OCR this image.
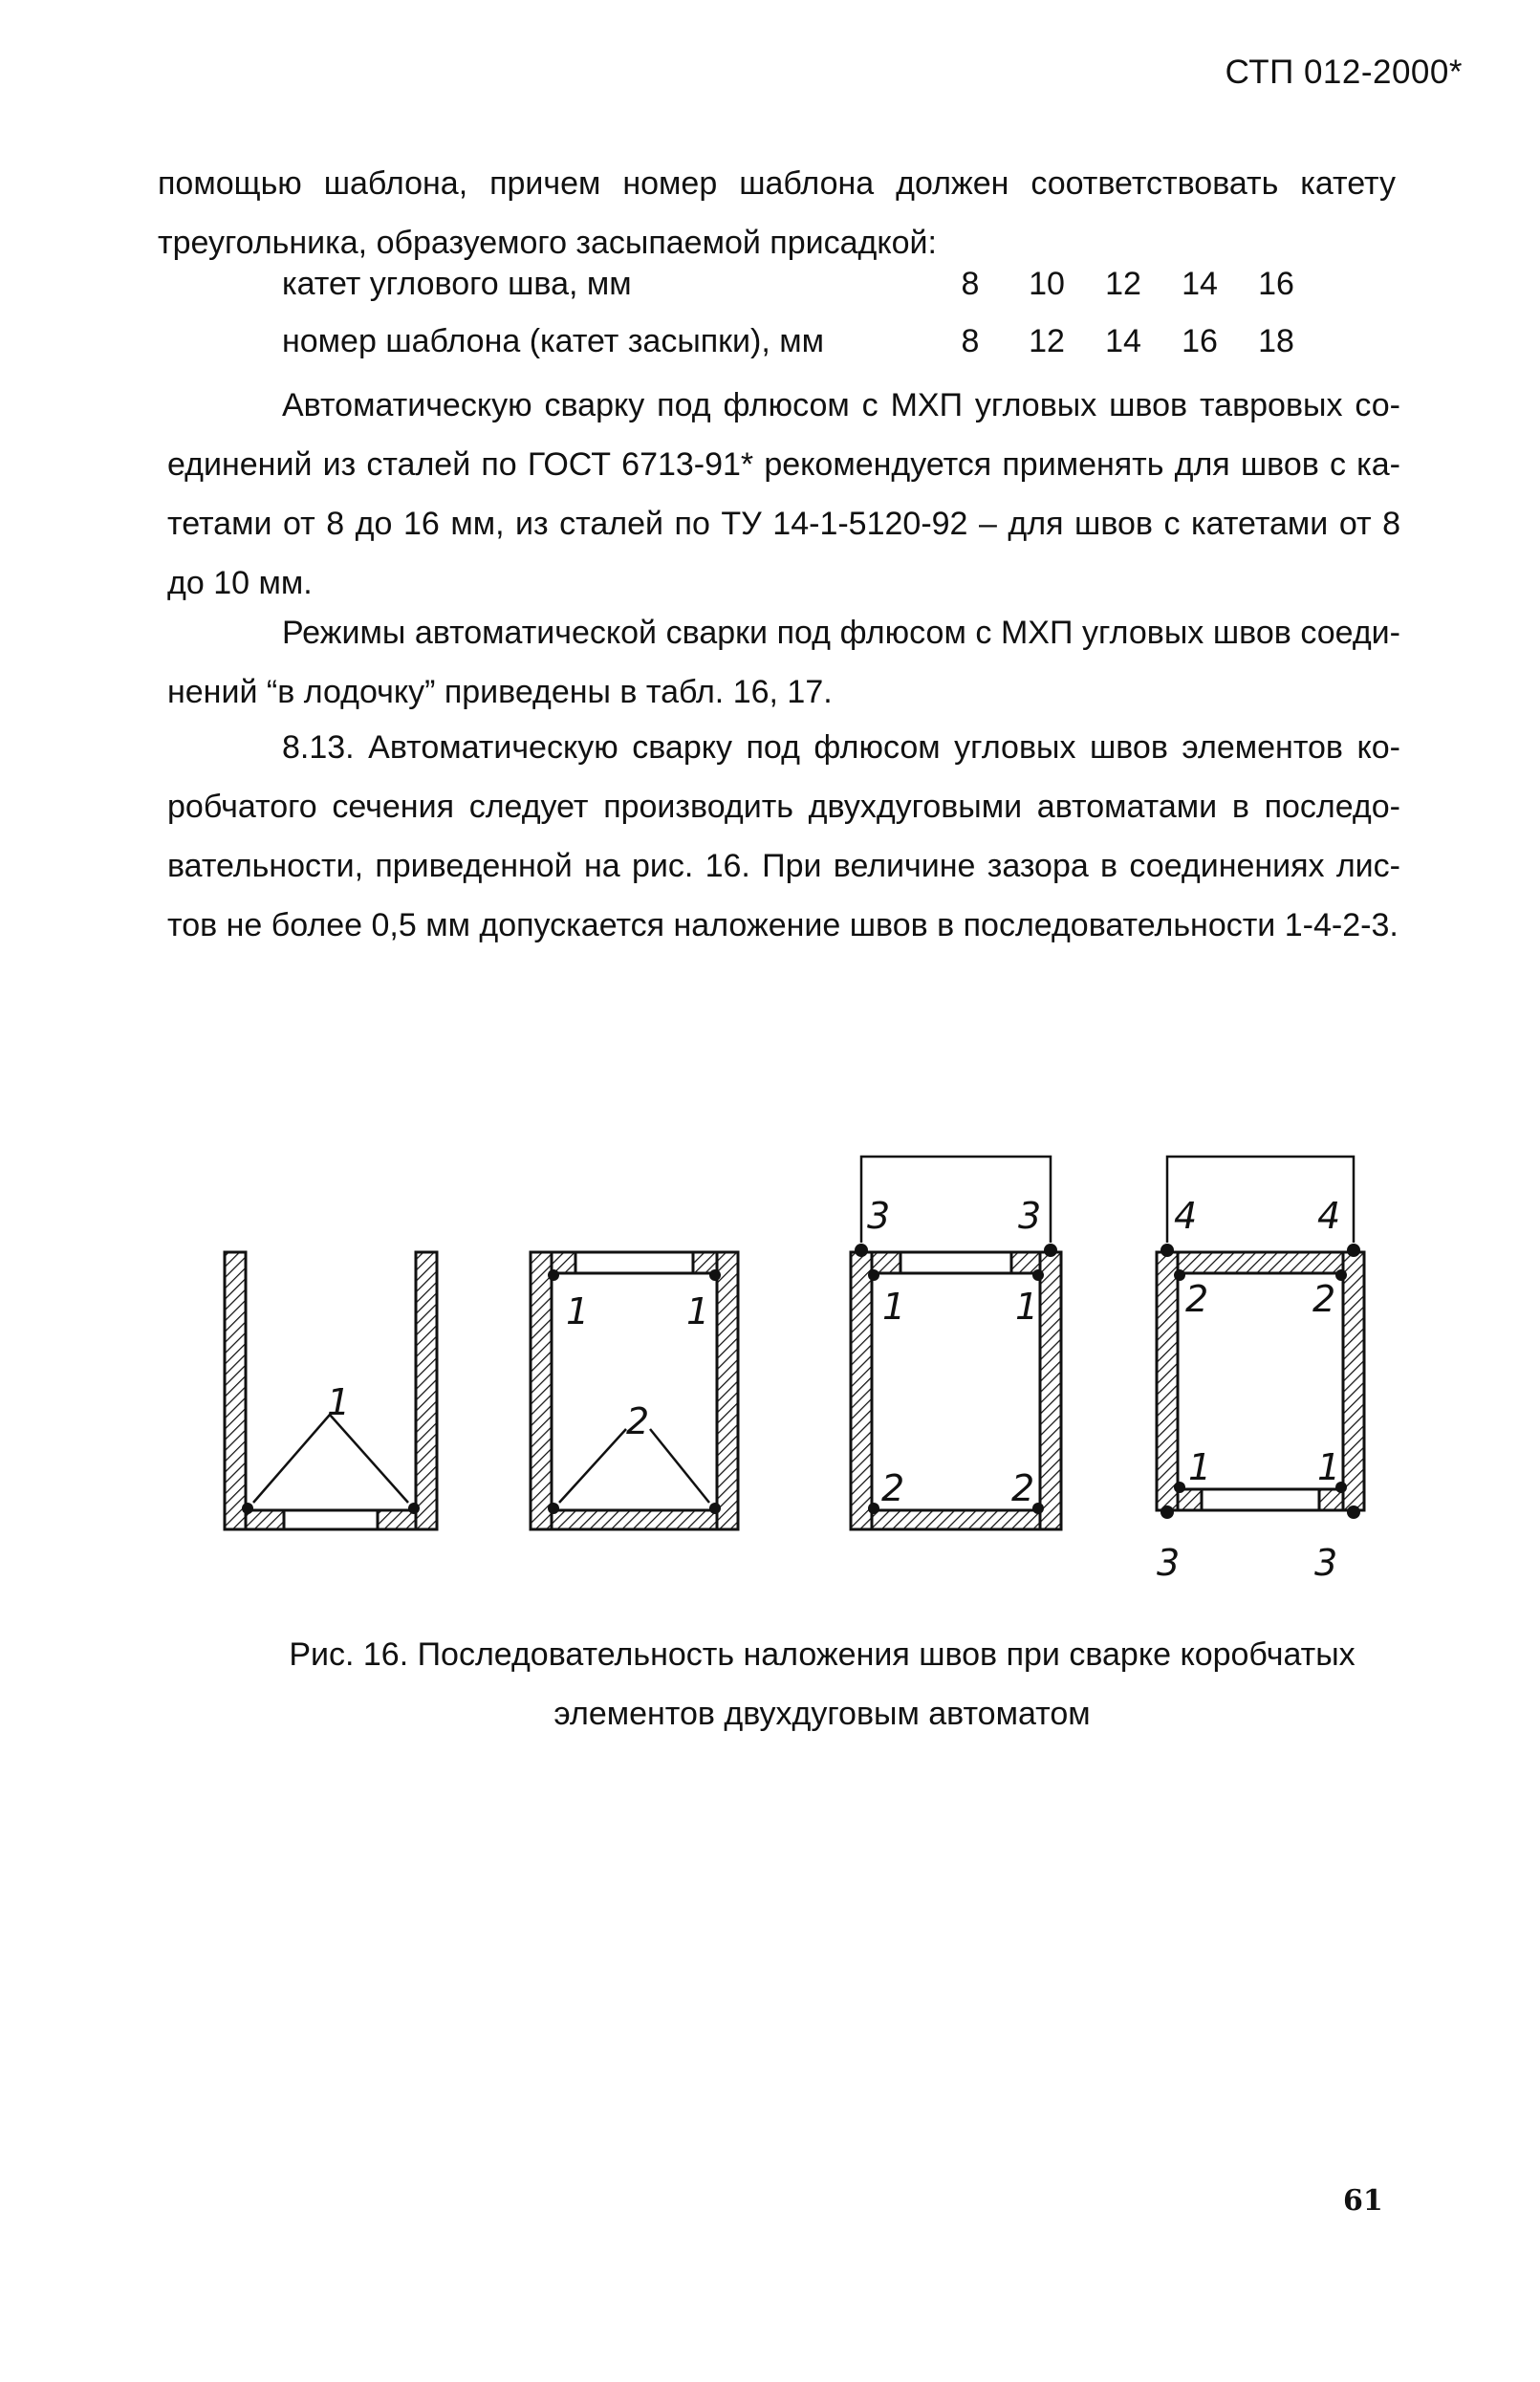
СТП 012-2000*
помощью шаблона, причем номер шаблона должен соответствовать катету
треугольника, образуемого засыпаемой присадкой:
катет углового шва, мм	8 10 12 14 16
номер шаблона (катет засыпки), мм	8 12 14 16 18
Автоматическую сварку под флюсом с МХП угловых швов тавровых со-
единений из сталей по ГОСТ 6713-91* рекомендуется применять для швов с ка-
тетами от 8 до 16 мм, из сталей по ТУ 14-1-5120-92 – для швов с катетами от 8
до 10 мм.
Режимы автоматической сварки под флюсом с МХП угловых швов соеди-
нений “в лодочку” приведены в табл. 16, 17.
8.13. Автоматическую сварку под флюсом угловых швов элементов ко-
робчатого сечения следует производить двухдуговыми автоматами в последо-
вательности, приведенной на рис. 16. При величине зазора в соединениях лис-
тов не более 0,5 мм допускается наложение швов в последовательности 1-4-2-3.
1
1	1
2
3	3
1	1
2	2
4	4
2	2
1	1
3	3
Рис. 16. Последовательность наложения швов при сварке коробчатых
элементов двухдуговым автоматом
61
